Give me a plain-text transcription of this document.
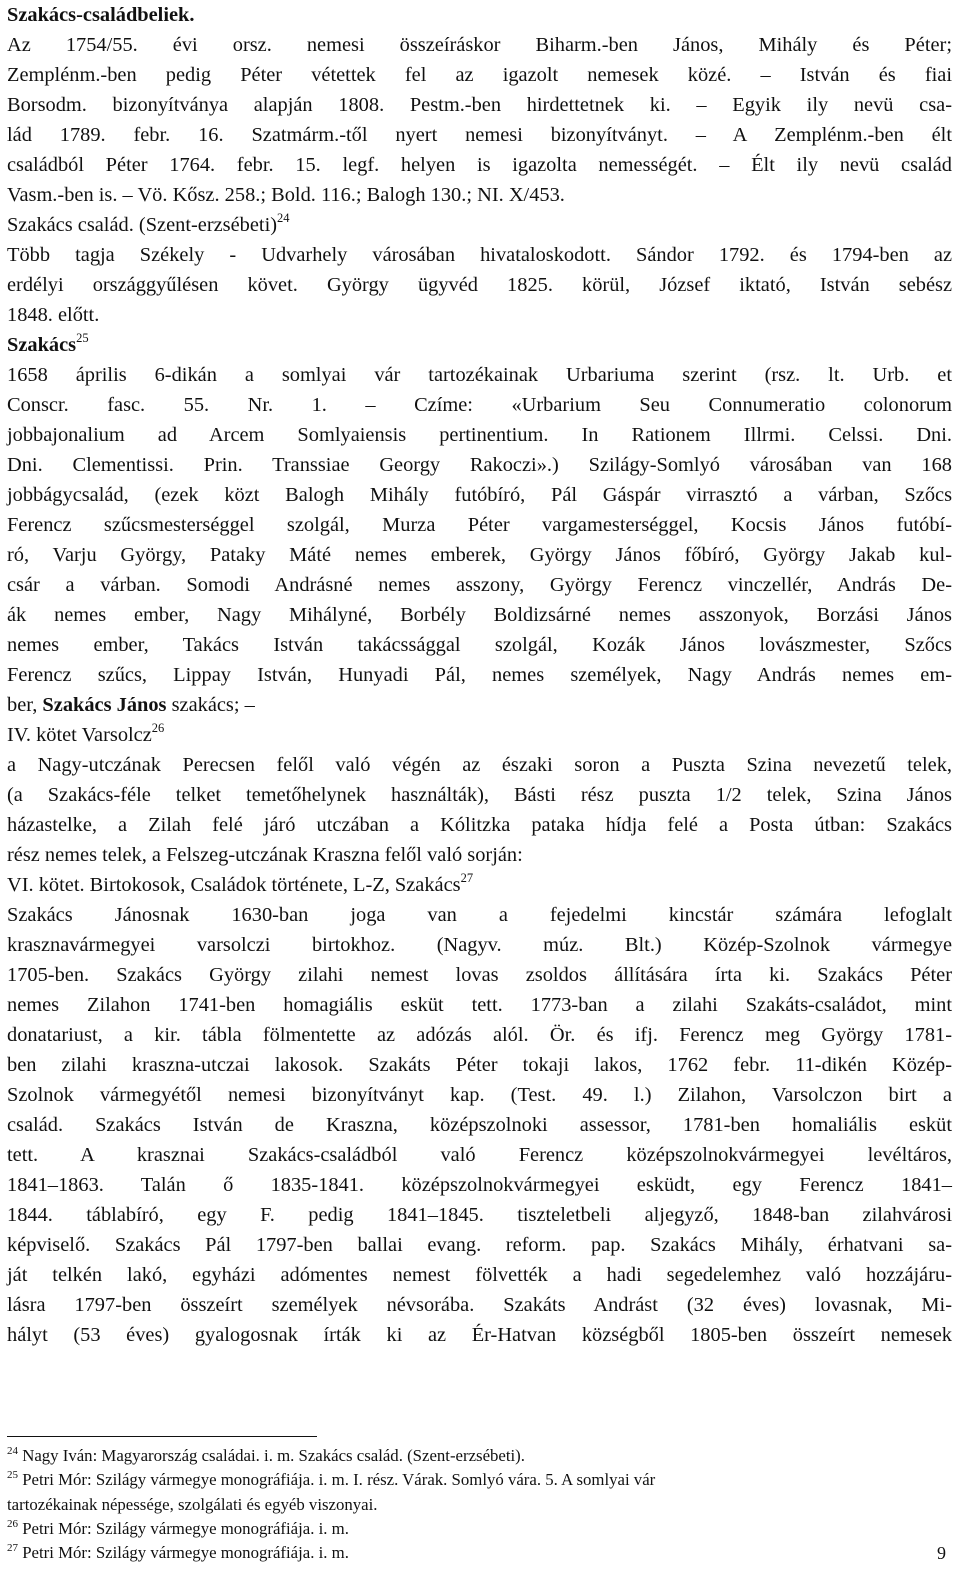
Szakács-családbeliek.
Az 1754/55. évi orsz. nemesi összeíráskor Biharm.-ben János, Mihály és Péter;
Zemplénm.-ben pedig Péter vétettek fel az igazolt nemesek közé. – István és fiai
Borsodm. bizonyítványa alapján 1808. Pestm.-ben hirdettetnek ki. – Egyik ily nevü csa-
lád 1789. febr. 16. Szatmárm.-től nyert nemesi bizonyítványt. – A Zemplénm.-ben élt
családból Péter 1764. febr. 15. legf. helyen is igazolta nemességét. – Élt ily nevü család
Vasm.-ben is. – Vö. Kősz. 258.; Bold. 116.; Balogh 130.; NI. X/453.
Szakács család. (Szent-erzsébeti)$^{24}$
Több tagja Székely - Udvarhely városában hivataloskodott. Sándor 1792. és 1794-ben az
erdélyi országgyűlésen követ. György ügyvéd 1825. körül, József iktató, István sebész
1848. előtt.
Szakács$^{25}$
1658 április 6-dikán a somlyai vár tartozékainak Urbariuma szerint (rsz. lt. Urb. et
Conscr. fasc. 55. Nr. 1. – Czíme: «Urbarium Seu Connumeratio colonorum
jobbajonalium ad Arcem Somlyaiensis pertinentium. In Rationem Illrmi. Celssi. Dni.
Dni. Clementissi. Prin. Transsiae Georgy Rakoczi».) Szilágy-Somlyó városában van 168
jobbágycsalád, (ezek közt Balogh Mihály futóbíró, Pál Gáspár virrasztó a várban, Szőcs
Ferencz szűcsmesterséggel szolgál, Murza Péter vargamesterséggel, Kocsis János futóbí-
ró, Varju György, Pataky Máté nemes emberek, György János főbíró, György Jakab kul-
csár a várban. Somodi Andrásné nemes asszony, György Ferencz vinczellér, András De-
ák nemes ember, Nagy Mihályné, Borbély Boldizsárné nemes asszonyok, Borzási János
nemes ember, Takács István takácssággal szolgál, Kozák János lovászmester, Szőcs
Ferencz szűcs, Lippay István, Hunyadi Pál, nemes személyek, Nagy András nemes em-
ber, Szakács János szakács; –
IV. kötet Varsolcz$^{26}$
a Nagy-utczának Perecsen felől való végén az északi soron a Puszta Szina nevezetű telek,
(a Szakács-féle telket temetőhelynek használták), Básti rész puszta 1/2 telek, Szina János
házastelke, a Zilah felé járó utczában a Kólitzka pataka hídja felé a Posta útban: Szakács
rész nemes telek, a Felszeg-utczának Kraszna felől való sorján:
VI. kötet. Birtokosok, Családok története, L-Z, Szakács$^{27}$
Szakács Jánosnak 1630-ban joga van a fejedelmi kincstár számára lefoglalt
krasznavármegyei varsolczi birtokhoz. (Nagyv. múz. Blt.) Közép-Szolnok vármegye
1705-ben. Szakács György zilahi nemest lovas zsoldos állítására írta ki. Szakács Péter
nemes Zilahon 1741-ben homagiális esküt tett. 1773-ban a zilahi Szakáts-családot, mint
donatariust, a kir. tábla fölmentette az adózás alól. Ör. és ifj. Ferencz meg György 1781-
ben zilahi kraszna-utczai lakosok. Szakáts Péter tokaji lakos, 1762 febr. 11-dikén Közép-
Szolnok vármegyétől nemesi bizonyítványt kap. (Test. 49. l.) Zilahon, Varsolczon birt a
család. Szakács István de Kraszna, középszolnoki assessor, 1781-ben homaliális esküt
tett. A krasznai Szakács-családból való Ferencz középszolnokvármegyei levéltáros,
1841–1863. Talán ő 1835-1841. középszolnokvármegyei esküdt, egy Ferencz 1841–
1844. táblabíró, egy F. pedig 1841–1845. tiszteletbeli aljegyző, 1848-ban zilahvárosi
képviselő. Szakács Pál 1797-ben ballai evang. reform. pap. Szakács Mihály, érhatvani sa-
ját telkén lakó, egyházi adómentes nemest fölvették a hadi segedelemhez való hozzájáru-
lásra 1797-ben összeírt személyek névsorába. Szakáts Andrást (32 éves) lovasnak, Mi-
hályt (53 éves) gyalogosnak írták ki az Ér-Hatvan községből 1805-ben összeírt nemesek
$^{24}$ Nagy Iván: Magyarország családai. i. m. Szakács család. (Szent-erzsébeti).
$^{25}$ Petri Mór: Szilágy vármegye monográfiája. i. m. I. rész. Várak. Somlyó vára. 5. A somlyai vár
tartozékainak népessége, szolgálati és egyéb viszonyai.
$^{26}$ Petri Mór: Szilágy vármegye monográfiája. i. m.
$^{27}$ Petri Mór: Szilágy vármegye monográfiája. i. m.	9
